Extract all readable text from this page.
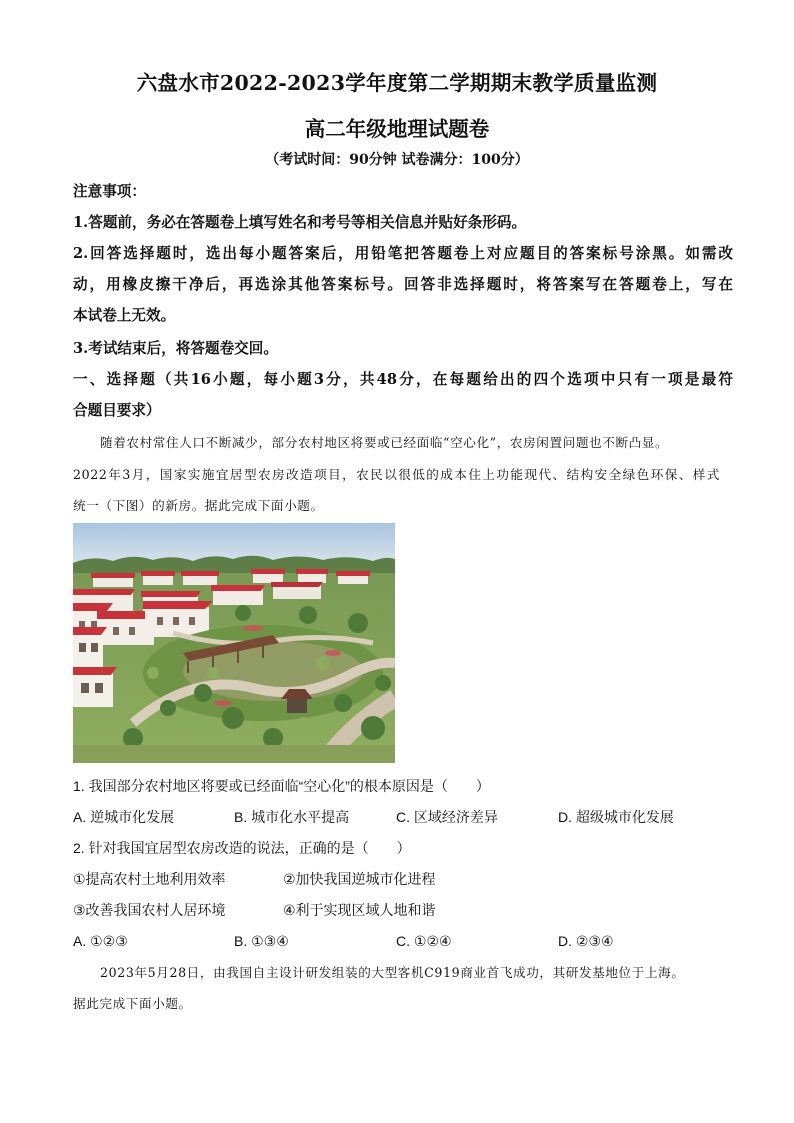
六盘水市2022-2023学年度第二学期期末教学质量监测
高二年级地理试题卷
（考试时间：90分钟 试卷满分：100分）
注意事项：
1.答题前，务必在答题卷上填写姓名和考号等相关信息并贴好条形码。
2.回答选择题时，选出每小题答案后，用铅笔把答题卷上对应题目的答案标号涂黑。如需改
动，用橡皮擦干净后，再选涂其他答案标号。回答非选择题时，将答案写在答题卷上，写在
本试卷上无效。
3.考试结束后，将答题卷交回。
一、选择题（共16小题，每小题3分，共48分，在每题给出的四个选项中只有一项是最符
合题目要求）
随着农村常住人口不断减少，部分农村地区将要或已经面临“空心化”，农房闲置问题也不断凸显。
2022年3月，国家实施宜居型农房改造项目，农民以很低的成本住上功能现代、结构安全绿色环保、样式
统一（下图）的新房。据此完成下面小题。
1. 我国部分农村地区将要或已经面临“空心化”的根本原因是（　　）
A. 逆城市化发展	B. 城市化水平提高	C. 区域经济差异	D. 超级城市化发展
2. 针对我国宜居型农房改造的说法，正确的是（　　）
①提高农村土地利用效率	②加快我国逆城市化进程
③改善我国农村人居环境	④利于实现区域人地和谐
A. ①②③	B. ①③④	C. ①②④	D. ②③④
2023年5月28日，由我国自主设计研发组装的大型客机C919商业首飞成功，其研发基地位于上海。
据此完成下面小题。
